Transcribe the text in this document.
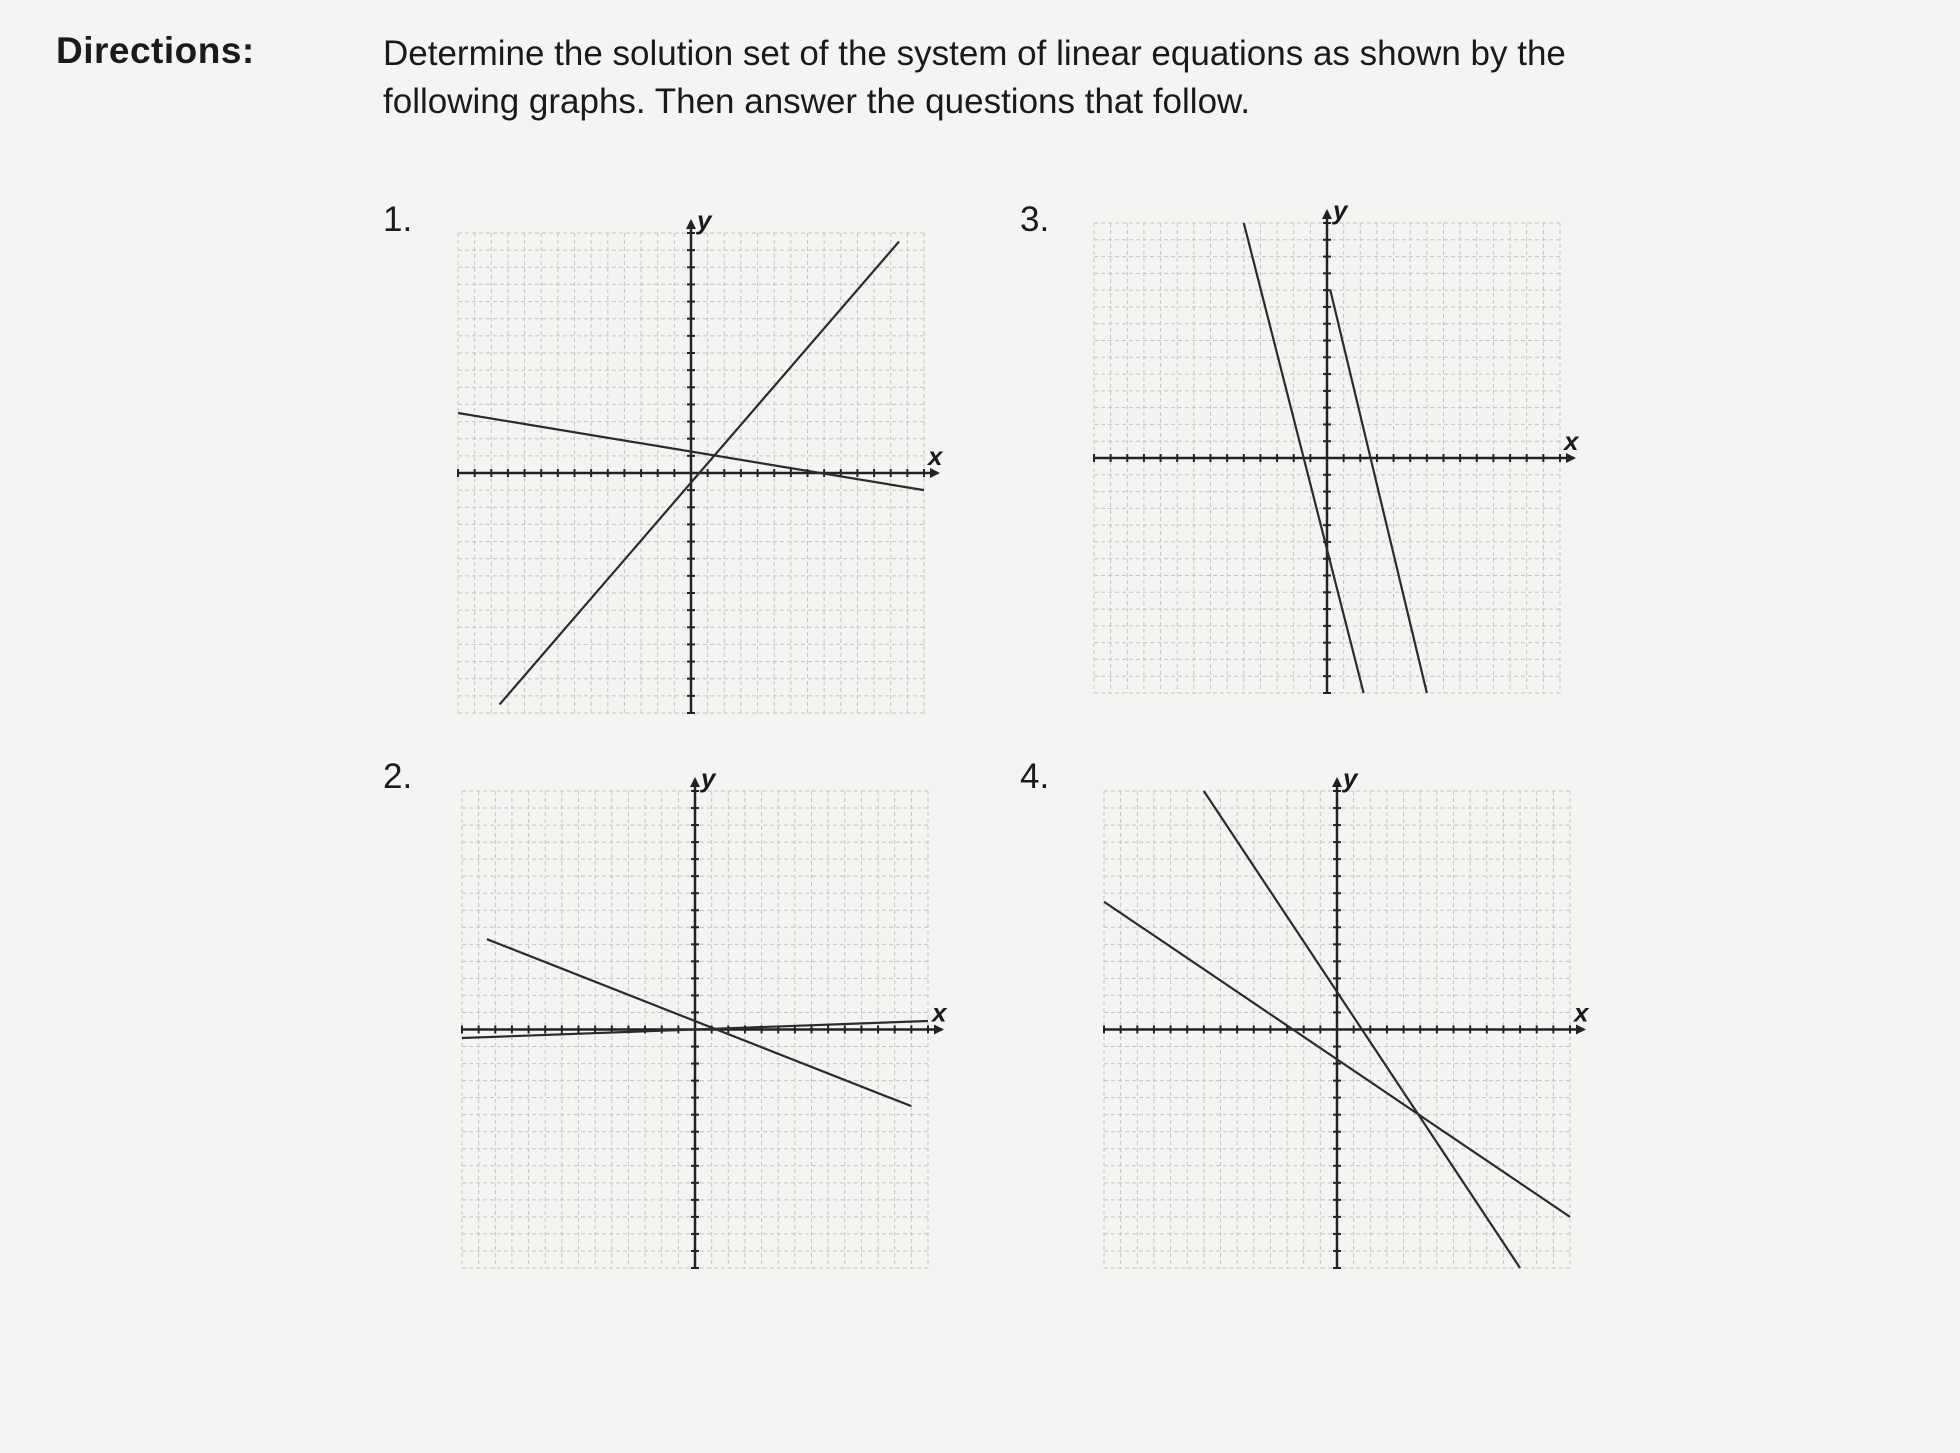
Directions:	Determine the solution set of the system of linear equations as shown by the
following graphs. Then answer the questions that follow.
1.	3.
2.	4.
x
y
x
y
x
y
x
y
